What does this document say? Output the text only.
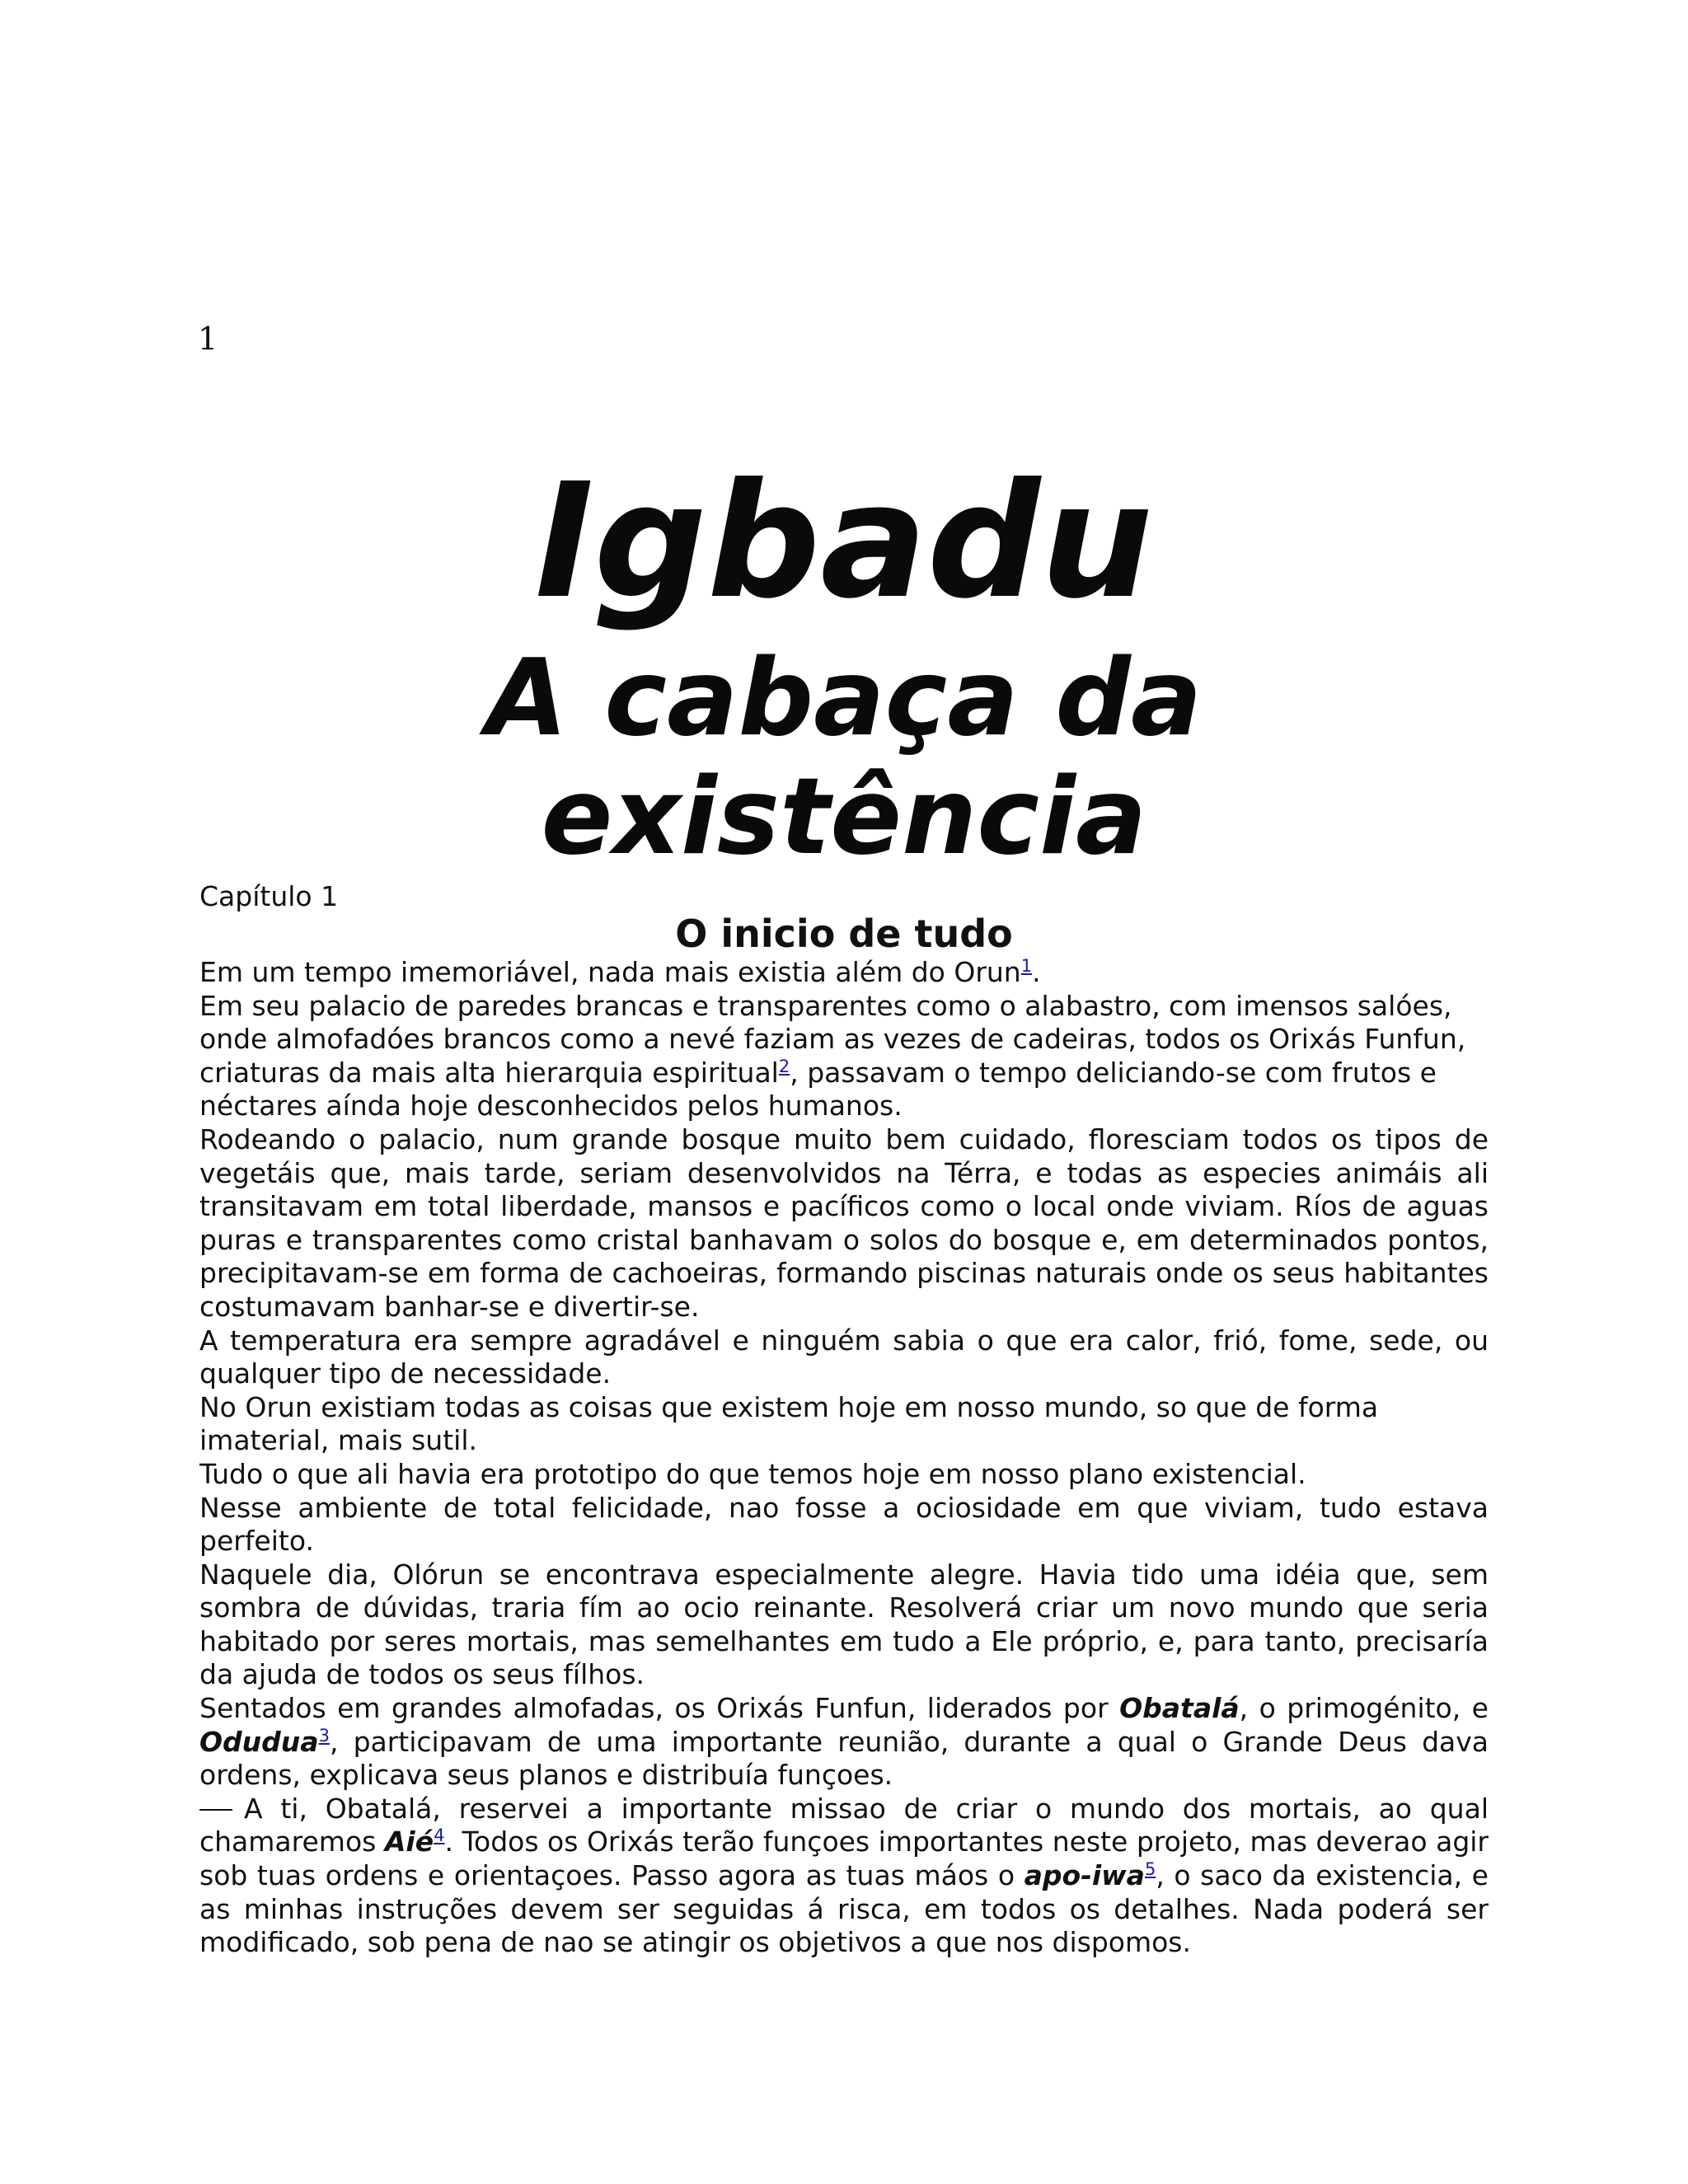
1
Igbadu
A cabaça da
existência
Capítulo 1
O inicio de tudo

Em um tempo imemoriável, nada mais existia além do Orun$^1$.

Em seu palacio de paredes brancas e transparentes como o alabastro, com imensos salóes, onde almofadóes brancos como a nevé faziam as vezes de cadeiras, todos os Orixás Funfun, criaturas da mais alta hierarquia espiritual$^2$, passavam o tempo deliciando-se com frutos e néctares aínda hoje desconhecidos pelos humanos.

Rodeando o palacio, num grande bosque muito bem cuidado, floresciam todos os tipos de vegetáis que, mais tarde, seriam desenvolvidos na Térra, e todas as especies animáis ali transitavam em total liberdade, mansos e pacíficos como o local onde viviam. Ríos de aguas puras e transparentes como cristal banhavam o solos do bosque e, em determinados pontos, precipitavam-se em forma de cachoeiras, formando piscinas naturais onde os seus habitantes costumavam banhar-se e divertir-se.

A temperatura era sempre agradável e ninguém sabia o que era calor, frió, fome, sede, ou qualquer tipo de necessidade.

No Orun existiam todas as coisas que existem hoje em nosso mundo, so que de forma imaterial, mais sutil.

Tudo o que ali havia era prototipo do que temos hoje em nosso plano existencial.

Nesse ambiente de total felicidade, nao fosse a ociosidade em que viviam, tudo estava perfeito.

Naquele dia, Olórun se encontrava especialmente alegre. Havia tido uma idéia que, sem sombra de dúvidas, traria fím ao ocio reinante. Resolverá criar um novo mundo que seria habitado por seres mortais, mas semelhantes em tudo a Ele próprio, e, para tanto, precisaría da ajuda de todos os seus fílhos.

Sentados em grandes almofadas, os Orixás Funfun, liderados por Obatalá, o primogénito, e Odudua$^3$, participavam de uma importante reunião, durante a qual o Grande Deus dava ordens, explicava seus planos e distribuía funçoes.

A ti, Obatalá, reservei a importante missao de criar o mundo dos mortais, ao qual chamaremos Aié$^4$. Todos os Orixás terão funçoes importantes neste projeto, mas deverao agir sob tuas ordens e orientaçoes. Passo agora as tuas máos o apo-iwa$^5$, o saco da existencia, e as minhas instruções devem ser seguidas á risca, em todos os detalhes. Nada poderá ser modificado, sob pena de nao se atingir os objetivos a que nos dispomos.
